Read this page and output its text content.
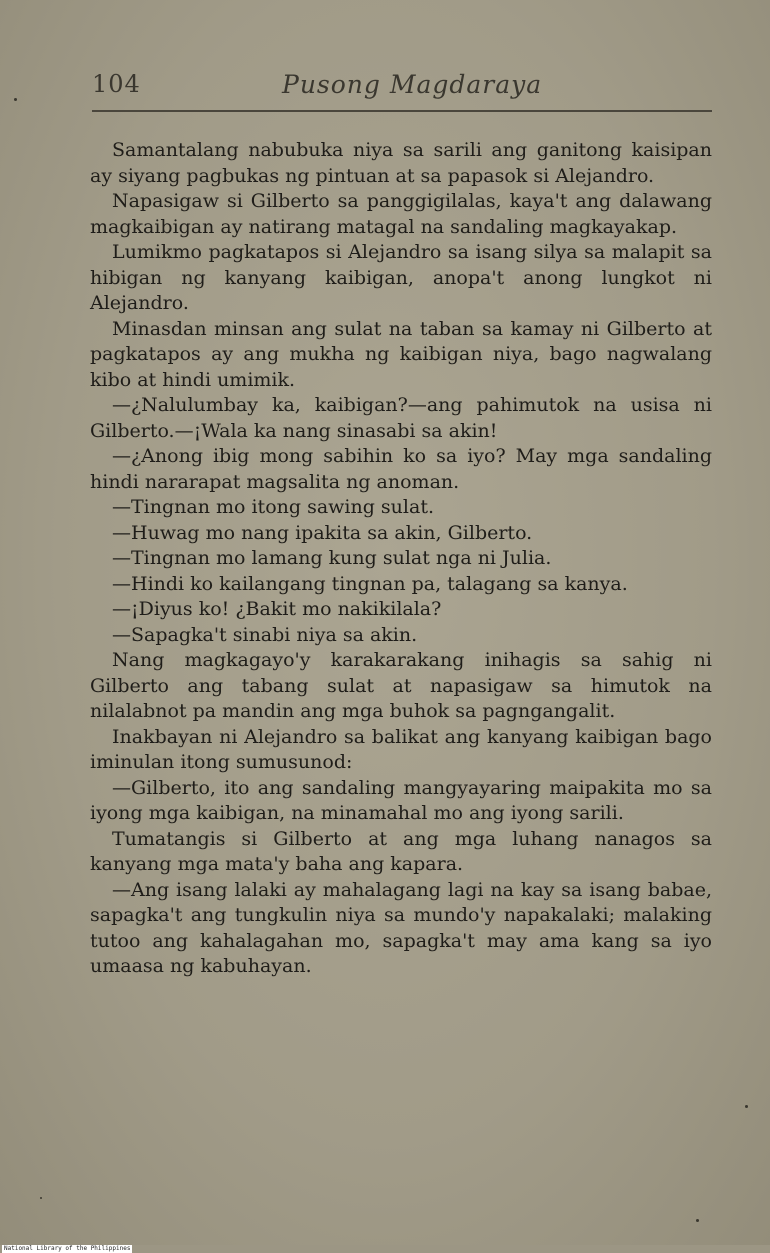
104	Pusong Magdaraya

Samantalang nabubuka niya sa sarili ang ganitong kaisipan ay siyang pagbukas ng pintuan at sa papasok si Alejandro.

Napasigaw si Gilberto sa panggigilalas, kaya't ang dalawang magkaibigan ay natirang matagal na sandaling magkayakap.

Lumikmo pagkatapos si Alejandro sa isang silya sa malapit sa hibigan ng kanyang kaibigan, anopa't anong lungkot ni Alejandro.

Minasdan minsan ang sulat na taban sa kamay ni Gilberto at pagkatapos ay ang mukha ng kaibigan niya, bago nagwalang kibo at hindi umimik.

—¿Nalulumbay ka, kaibigan?—ang pahimutok na usisa ni Gilberto.—¡Wala ka nang sinasabi sa akin!

—¿Anong ibig mong sabihin ko sa iyo? May mga sandaling hindi nararapat magsalita ng anoman.

—Tingnan mo itong sawing sulat.

—Huwag mo nang ipakita sa akin, Gilberto.

—Tingnan mo lamang kung sulat nga ni Julia.

—Hindi ko kailangang tingnan pa, talagang sa kanya.

—¡Diyus ko! ¿Bakit mo nakikilala?

—Sapagka't sinabi niya sa akin.

Nang magkagayo'y karakarakang inihagis sa sahig ni Gilberto ang tabang sulat at napasigaw sa himutok na nilalabnot pa mandin ang mga buhok sa pagngangalit.

Inakbayan ni Alejandro sa balikat ang kanyang kaibigan bago iminulan itong sumusunod:

—Gilberto, ito ang sandaling mangyayaring maipakita mo sa iyong mga kaibigan, na minamahal mo ang iyong sarili.

Tumatangis si Gilberto at ang mga luhang nanagos sa kanyang mga mata'y baha ang kapara.

—Ang isang lalaki ay mahalagang lagi na kay sa isang babae, sapagka't ang tungkulin niya sa mundo'y napakalaki; malaking tutoo ang kahalagahan mo, sapagka't may ama kang sa iyo umaasa ng kabuhayan.

National Library of the Philippines
